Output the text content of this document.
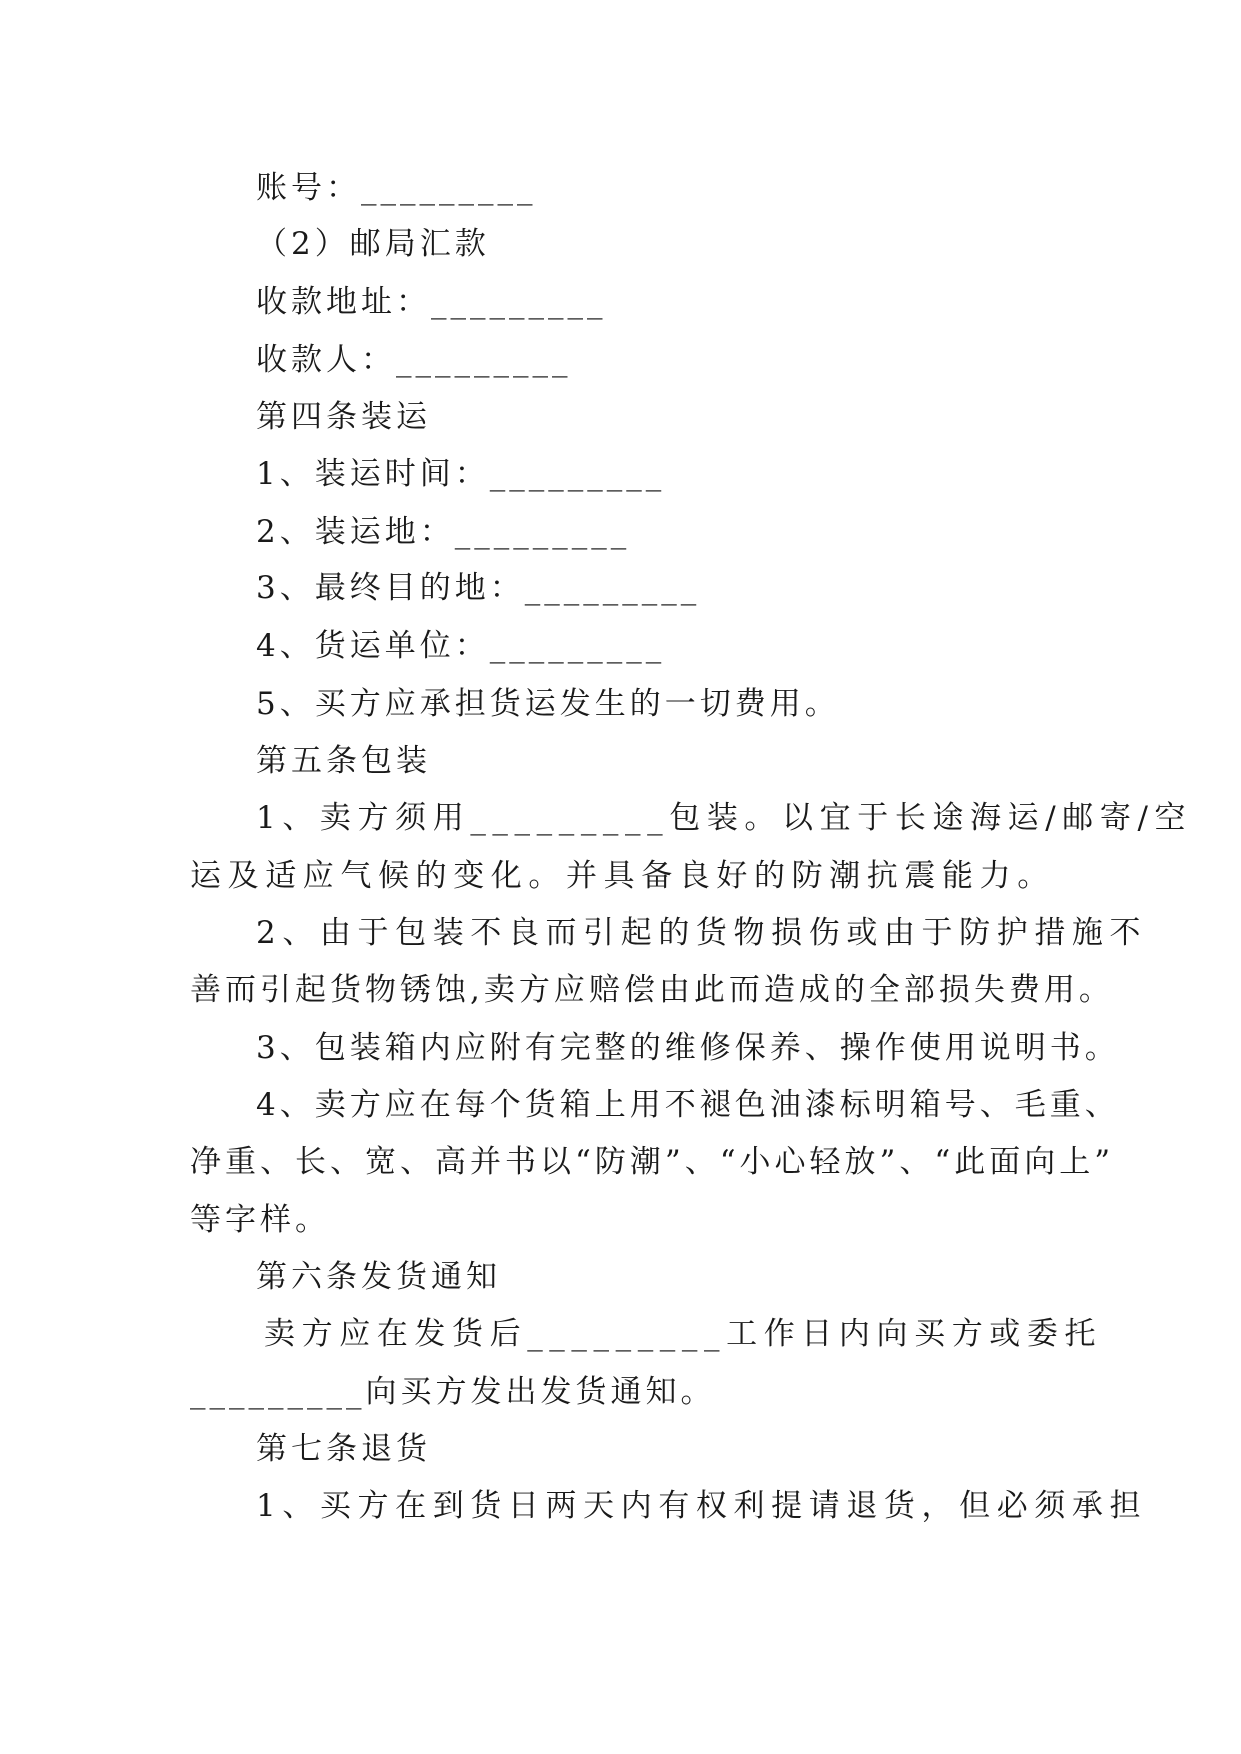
账号：_________
（2）邮局汇款
收款地址：_________
收款人：_________
第四条装运
1、装运时间：_________
2、装运地：_________
3、最终目的地：_________
4、货运单位：_________
5、买方应承担货运发生的一切费用。
第五条包装
1、卖方须用_________包装。以宜于长途海运/邮寄/空
运及适应气候的变化。并具备良好的防潮抗震能力。
2、由于包装不良而引起的货物损伤或由于防护措施不
善而引起货物锈蚀,卖方应赔偿由此而造成的全部损失费用。
3、包装箱内应附有完整的维修保养、操作使用说明书。
4、卖方应在每个货箱上用不褪色油漆标明箱号、毛重、
净重、长、宽、高并书以“防潮”、“小心轻放”、“此面向上”
等字样。
第六条发货通知
卖方应在发货后_________工作日内向买方或委托
_________向买方发出发货通知。
第七条退货
1、买方在到货日两天内有权利提请退货，但必须承担
